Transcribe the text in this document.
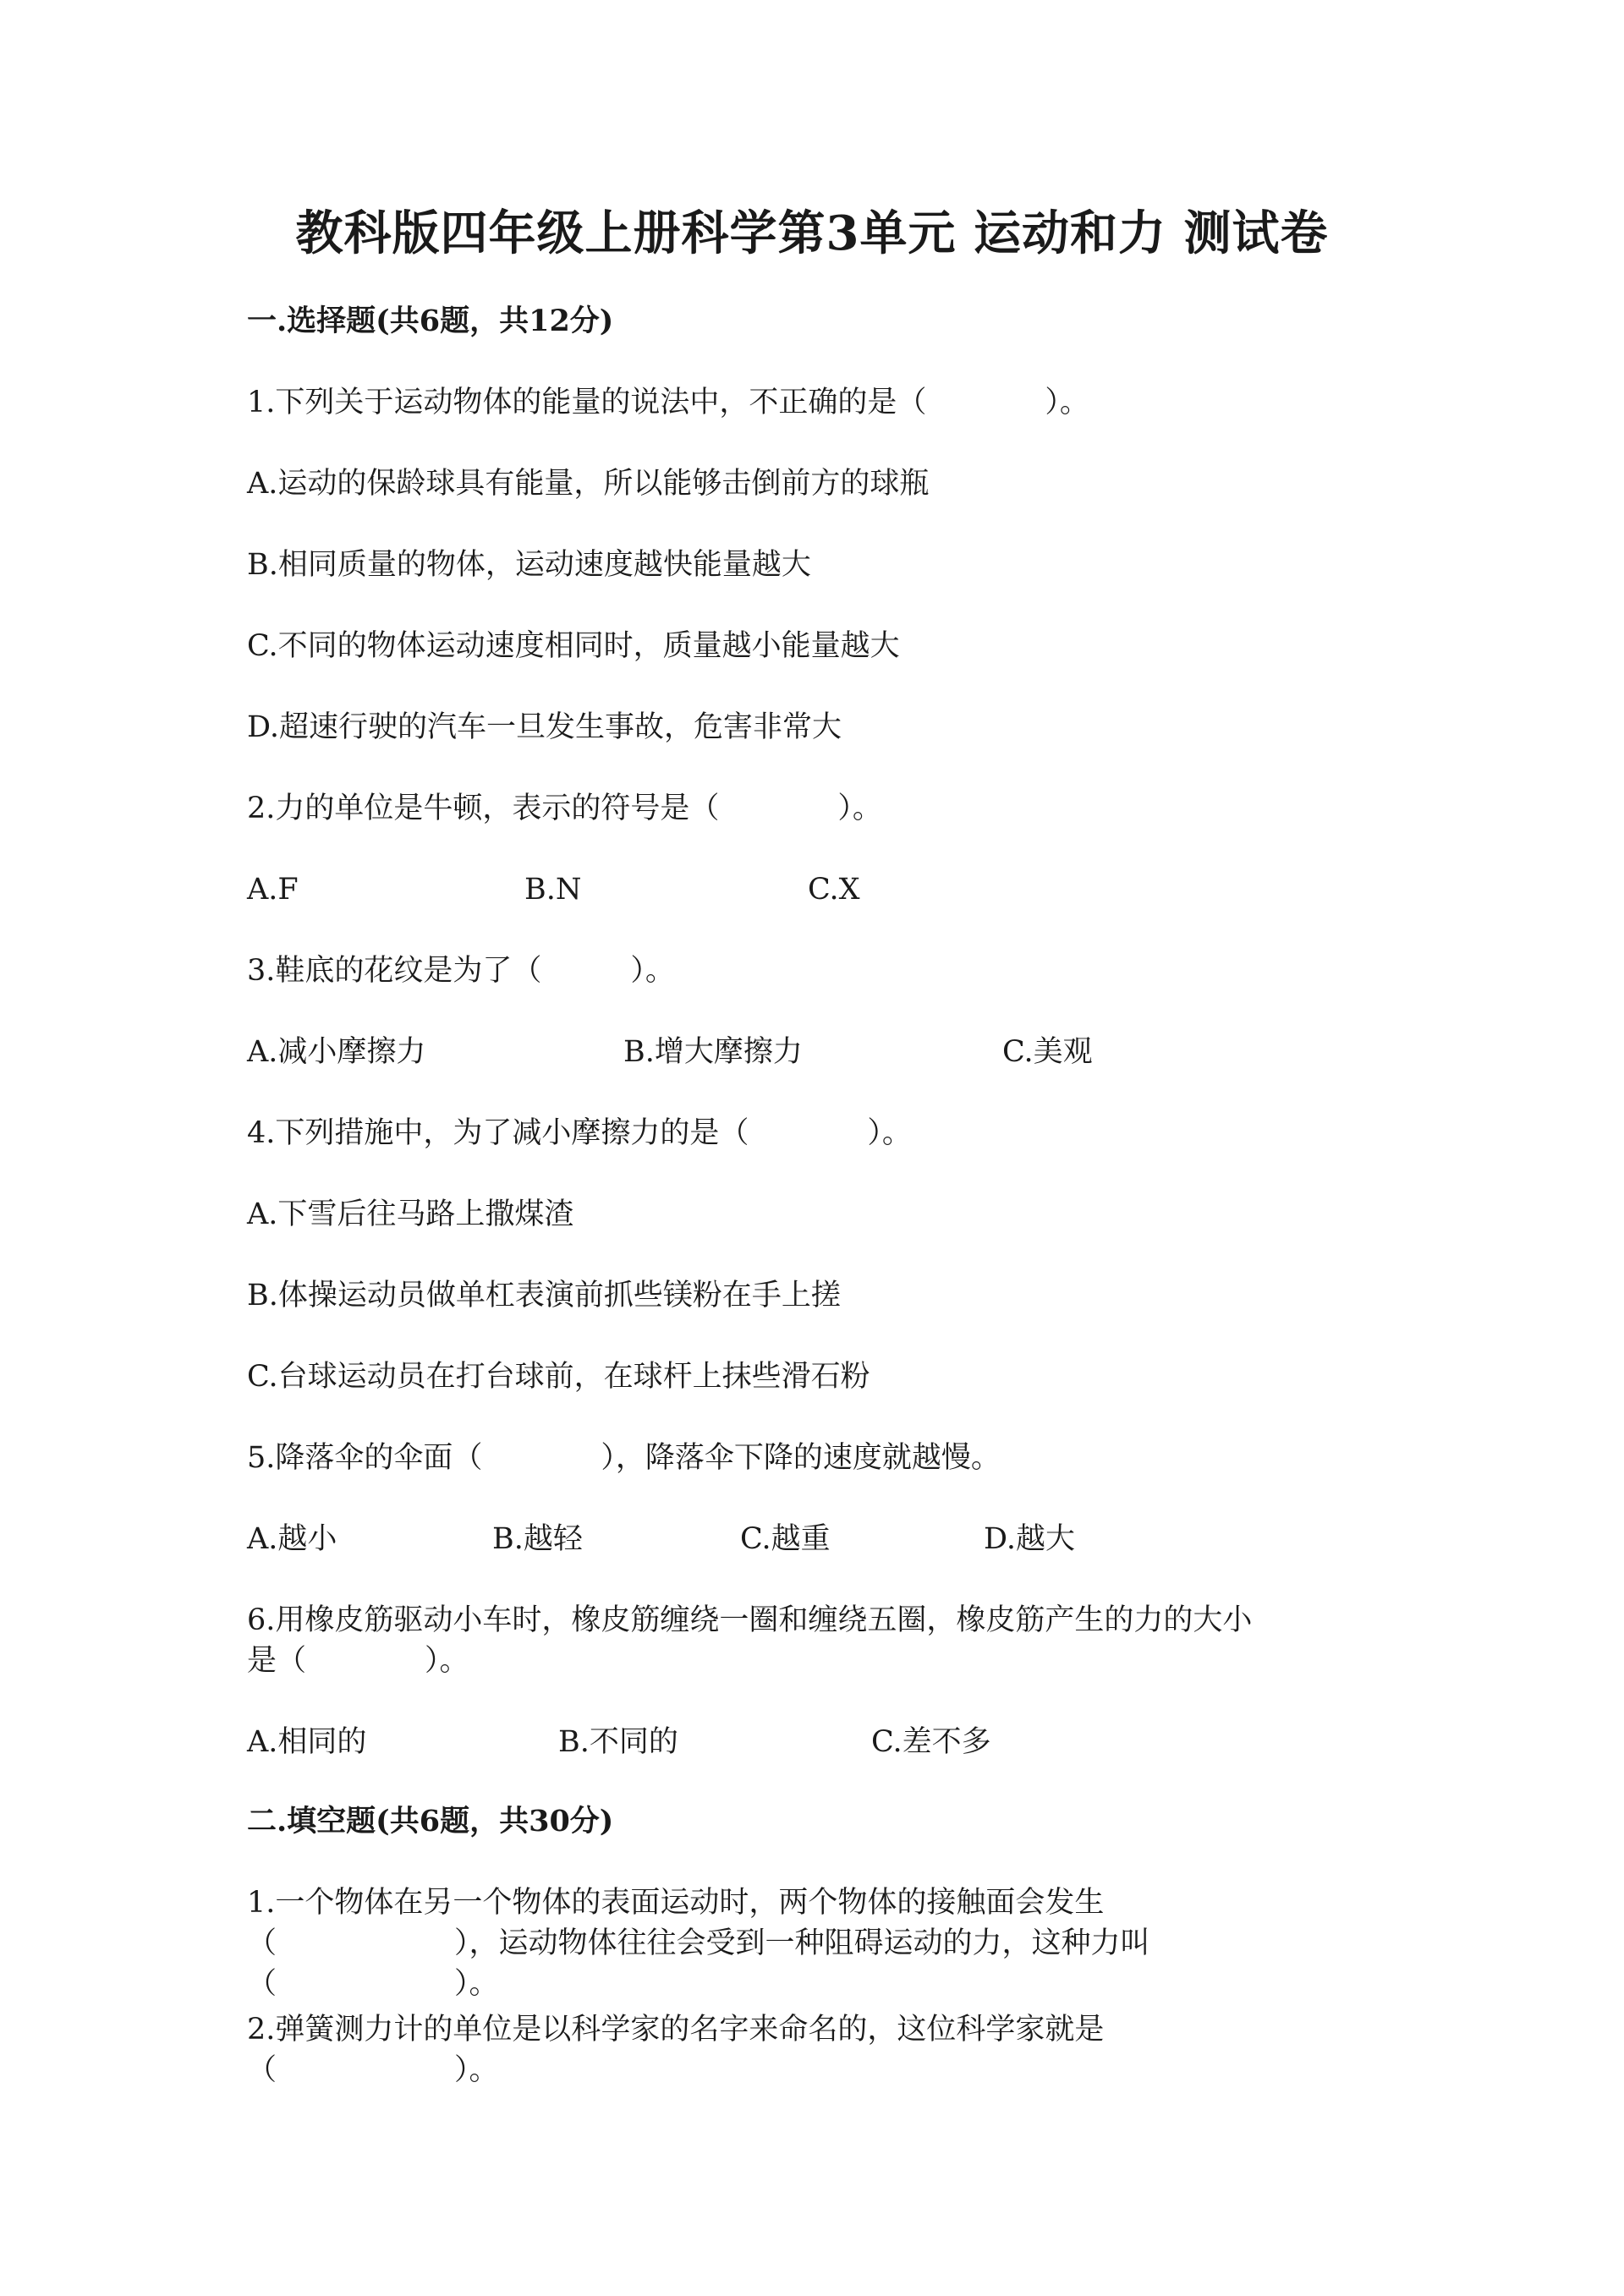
教科版四年级上册科学第3单元 运动和力 测试卷
一.选择题(共6题，共12分)
1.下列关于运动物体的能量的说法中，不正确的是（　　　　）。
A.运动的保龄球具有能量，所以能够击倒前方的球瓶
B.相同质量的物体，运动速度越快能量越大
C.不同的物体运动速度相同时，质量越小能量越大
D.超速行驶的汽车一旦发生事故，危害非常大
2.力的单位是牛顿，表示的符号是（　　　　）。
A.F	B.N	C.X
3.鞋底的花纹是为了（　　　）。
A.减小摩擦力	B.增大摩擦力	C.美观
4.下列措施中，为了减小摩擦力的是（　　　　）。
A.下雪后往马路上撒煤渣
B.体操运动员做单杠表演前抓些镁粉在手上搓
C.台球运动员在打台球前，在球杆上抹些滑石粉
5.降落伞的伞面（　　　　），降落伞下降的速度就越慢。
A.越小	B.越轻	C.越重	D.越大
6.用橡皮筋驱动小车时，橡皮筋缠绕一圈和缠绕五圈，橡皮筋产生的力的大小
是（　　　　）。
A.相同的	B.不同的	C.差不多
二.填空题(共6题，共30分)
1.一个物体在另一个物体的表面运动时，两个物体的接触面会发生
（　　　　　　），运动物体往往会受到一种阻碍运动的力，这种力叫
（　　　　　　）。
2.弹簧测力计的单位是以科学家的名字来命名的，这位科学家就是
（　　　　　　）。
